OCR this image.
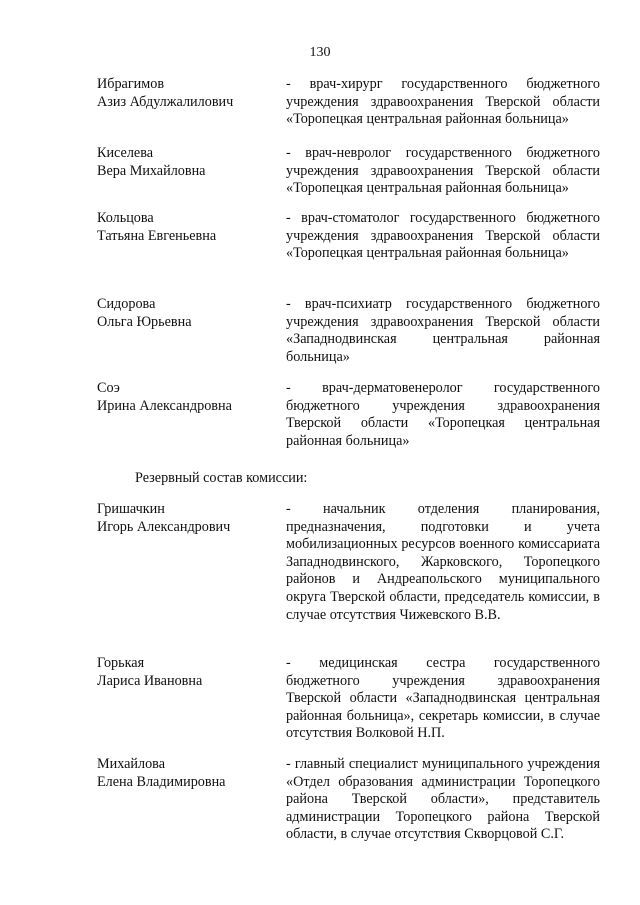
130
Ибрагимов
Азиз Абдулжалилович
- врач-хирург государственного бюджетного учреждения здравоохранения Тверской области «Торопецкая центральная районная больница»
Киселева
Вера Михайловна
- врач-невролог государственного бюджетного учреждения здравоохранения Тверской области «Торопецкая центральная районная больница»
Кольцова
Татьяна Евгеньевна
- врач-стоматолог государственного бюджетного учреждения здравоохранения Тверской области «Торопецкая центральная районная больница»
Сидорова
Ольга Юрьевна
- врач-психиатр государственного бюджетного учреждения здравоохранения Тверской области «Западнодвинская центральная районная больница»
Соэ
Ирина Александровна
- врач-дерматовенеролог государственного бюджетного учреждения здравоохранения Тверской области «Торопецкая центральная районная больница»
Резервный состав комиссии:
Гришачкин
Игорь Александрович
- начальник отделения планирования, предназначения, подготовки и учета мобилизационных ресурсов военного комиссариата Западнодвинского, Жарковского, Торопецкого районов и Андреапольского муниципального округа Тверской области, председатель комиссии, в случае отсутствия Чижевского В.В.
Горькая
Лариса Ивановна
- медицинская сестра государственного бюджетного учреждения здравоохранения Тверской области «Западнодвинская центральная районная больница», секретарь комиссии, в случае отсутствия Волковой Н.П.
Михайлова
Елена Владимировна
- главный специалист муниципального учреждения «Отдел образования администрации Торопецкого района Тверской области», представитель администрации Торопецкого района Тверской области, в случае отсутствия Скворцовой С.Г.
